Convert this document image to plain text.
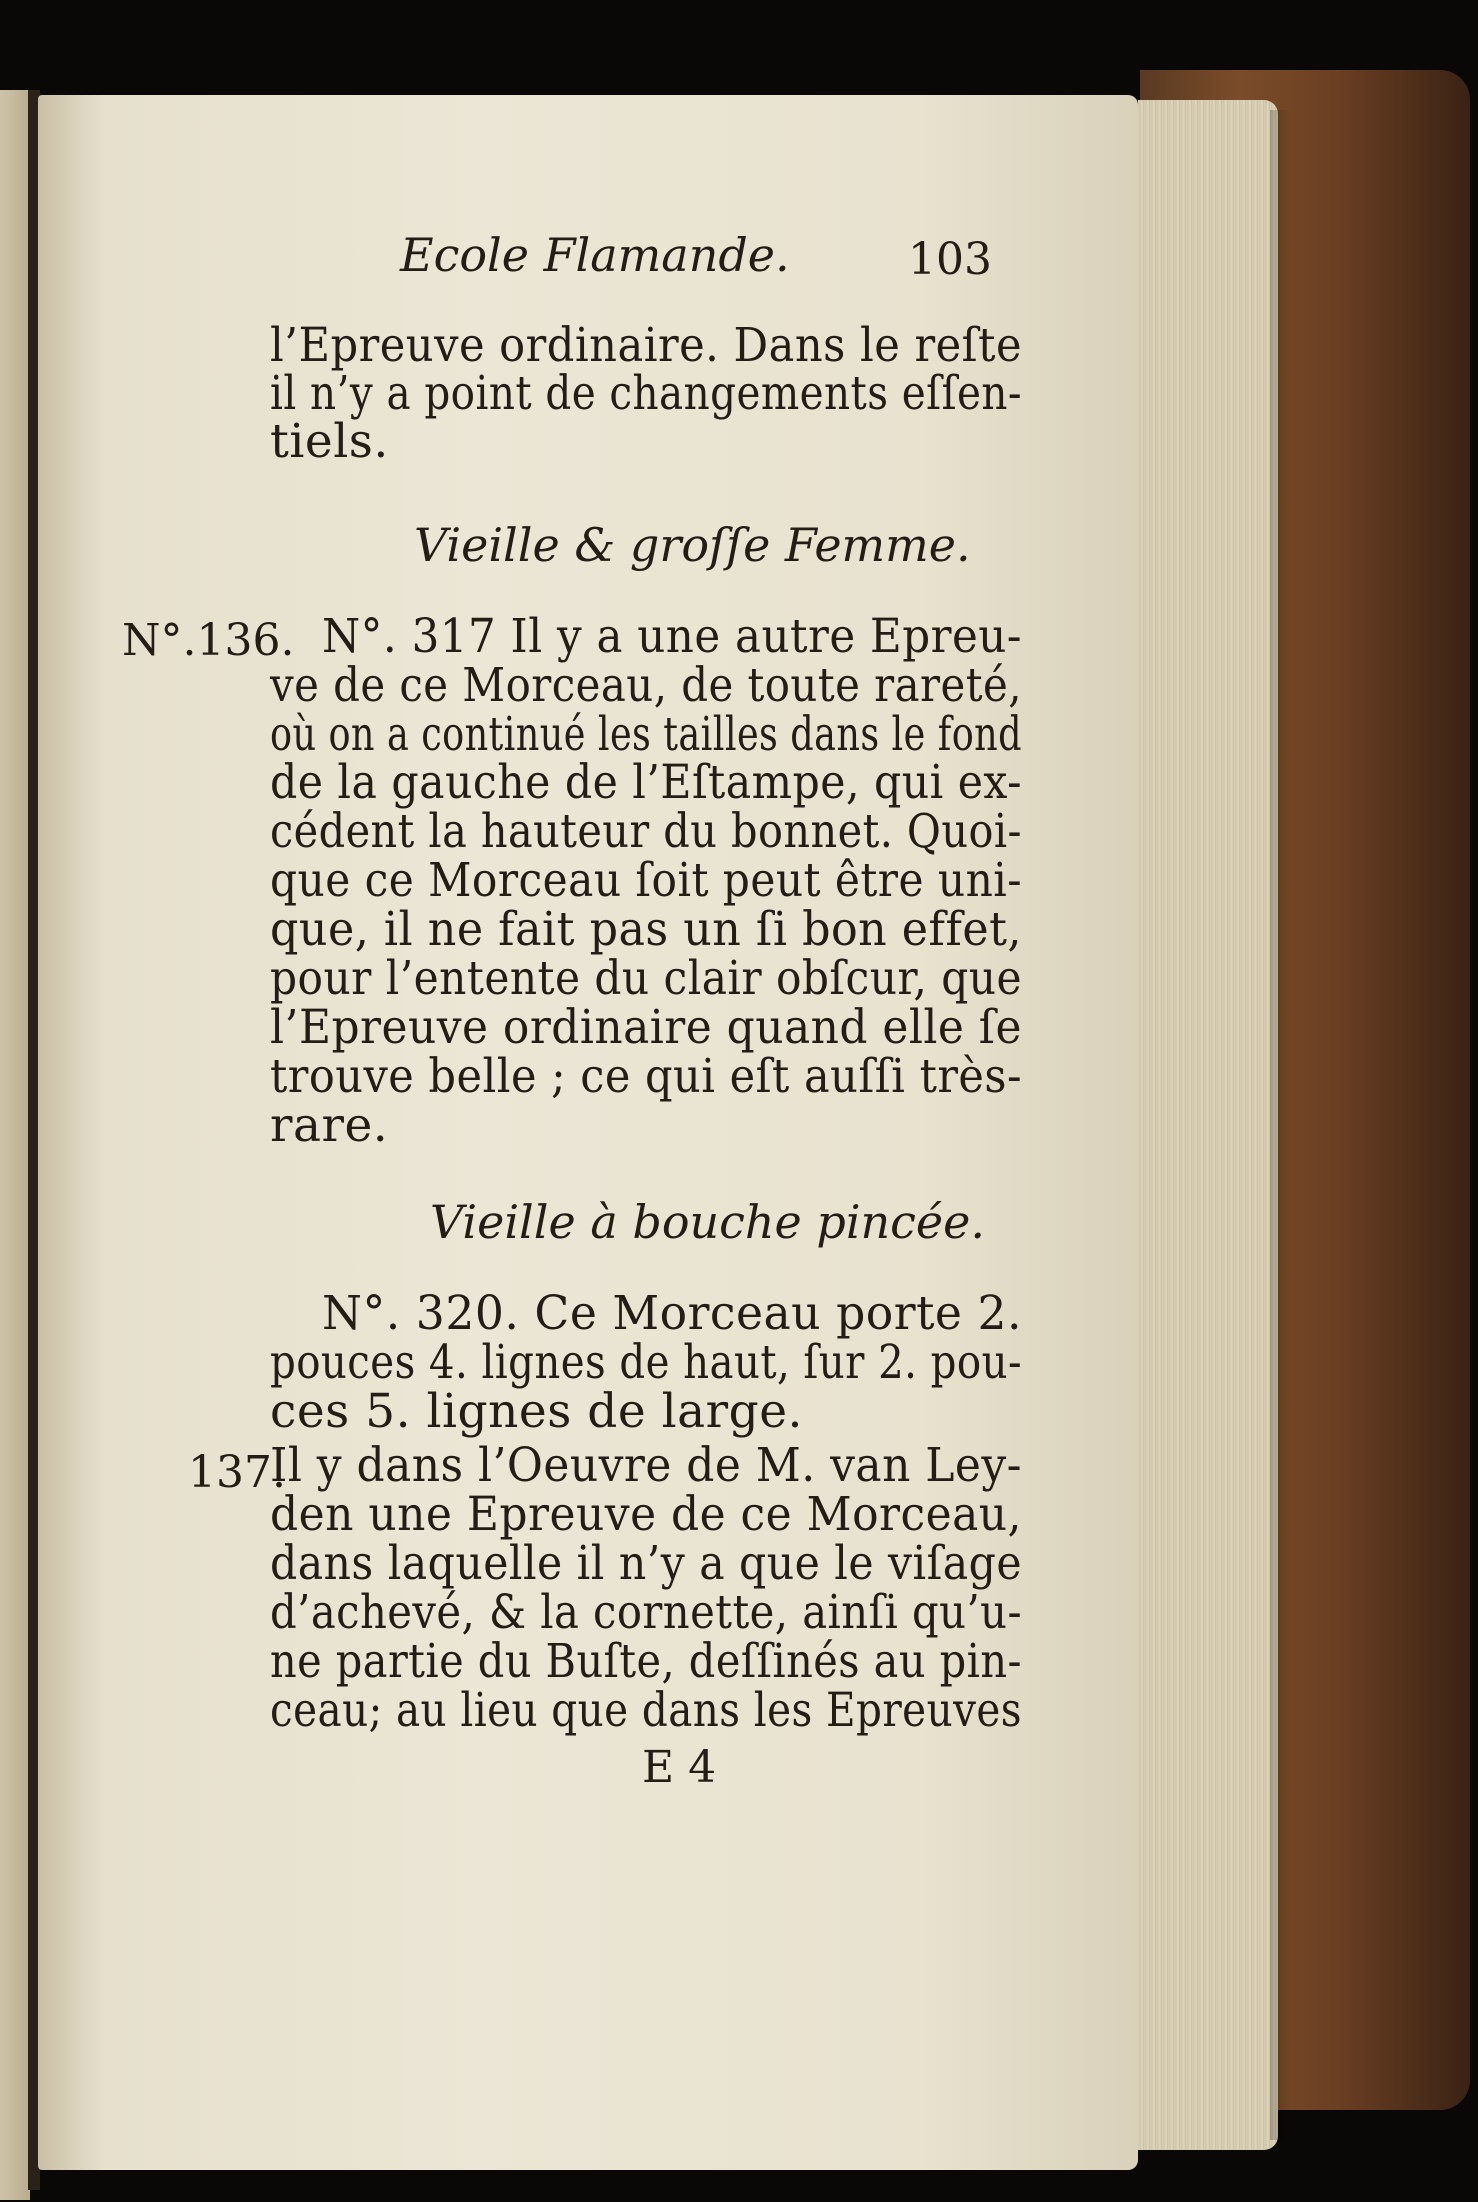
Ecole Flamande.	103
l’Epreuve ordinaire. Dans le reſte
il n’y a point de changements eſſen-
tiels.
Vieille & groſſe Femme.
N°.136. N°. 317 Il y a une autre Epreu-
ve de ce Morceau, de toute rareté,
où on a continué les tailles dans le fond
de la gauche de l’Eſtampe, qui ex-
cédent la hauteur du bonnet. Quoi-
que ce Morceau ſoit peut être uni-
que, il ne fait pas un ſi bon effet,
pour l’entente du clair obſcur, que
l’Epreuve ordinaire quand elle ſe
trouve belle ; ce qui eſt auſſi très-
rare.
Vieille à bouche pincée.
N°. 320. Ce Morceau porte 2.
pouces 4. lignes de haut, ſur 2. pou-
ces 5. lignes de large.
137.
Il y dans l’Oeuvre de M. van Ley-
den une Epreuve de ce Morceau,
dans laquelle il n’y a que le viſage
d’achevé, & la cornette, ainſi qu’u-
ne partie du Buſte, deſſinés au pin-
ceau; au lieu que dans les Epreuves
E 4
